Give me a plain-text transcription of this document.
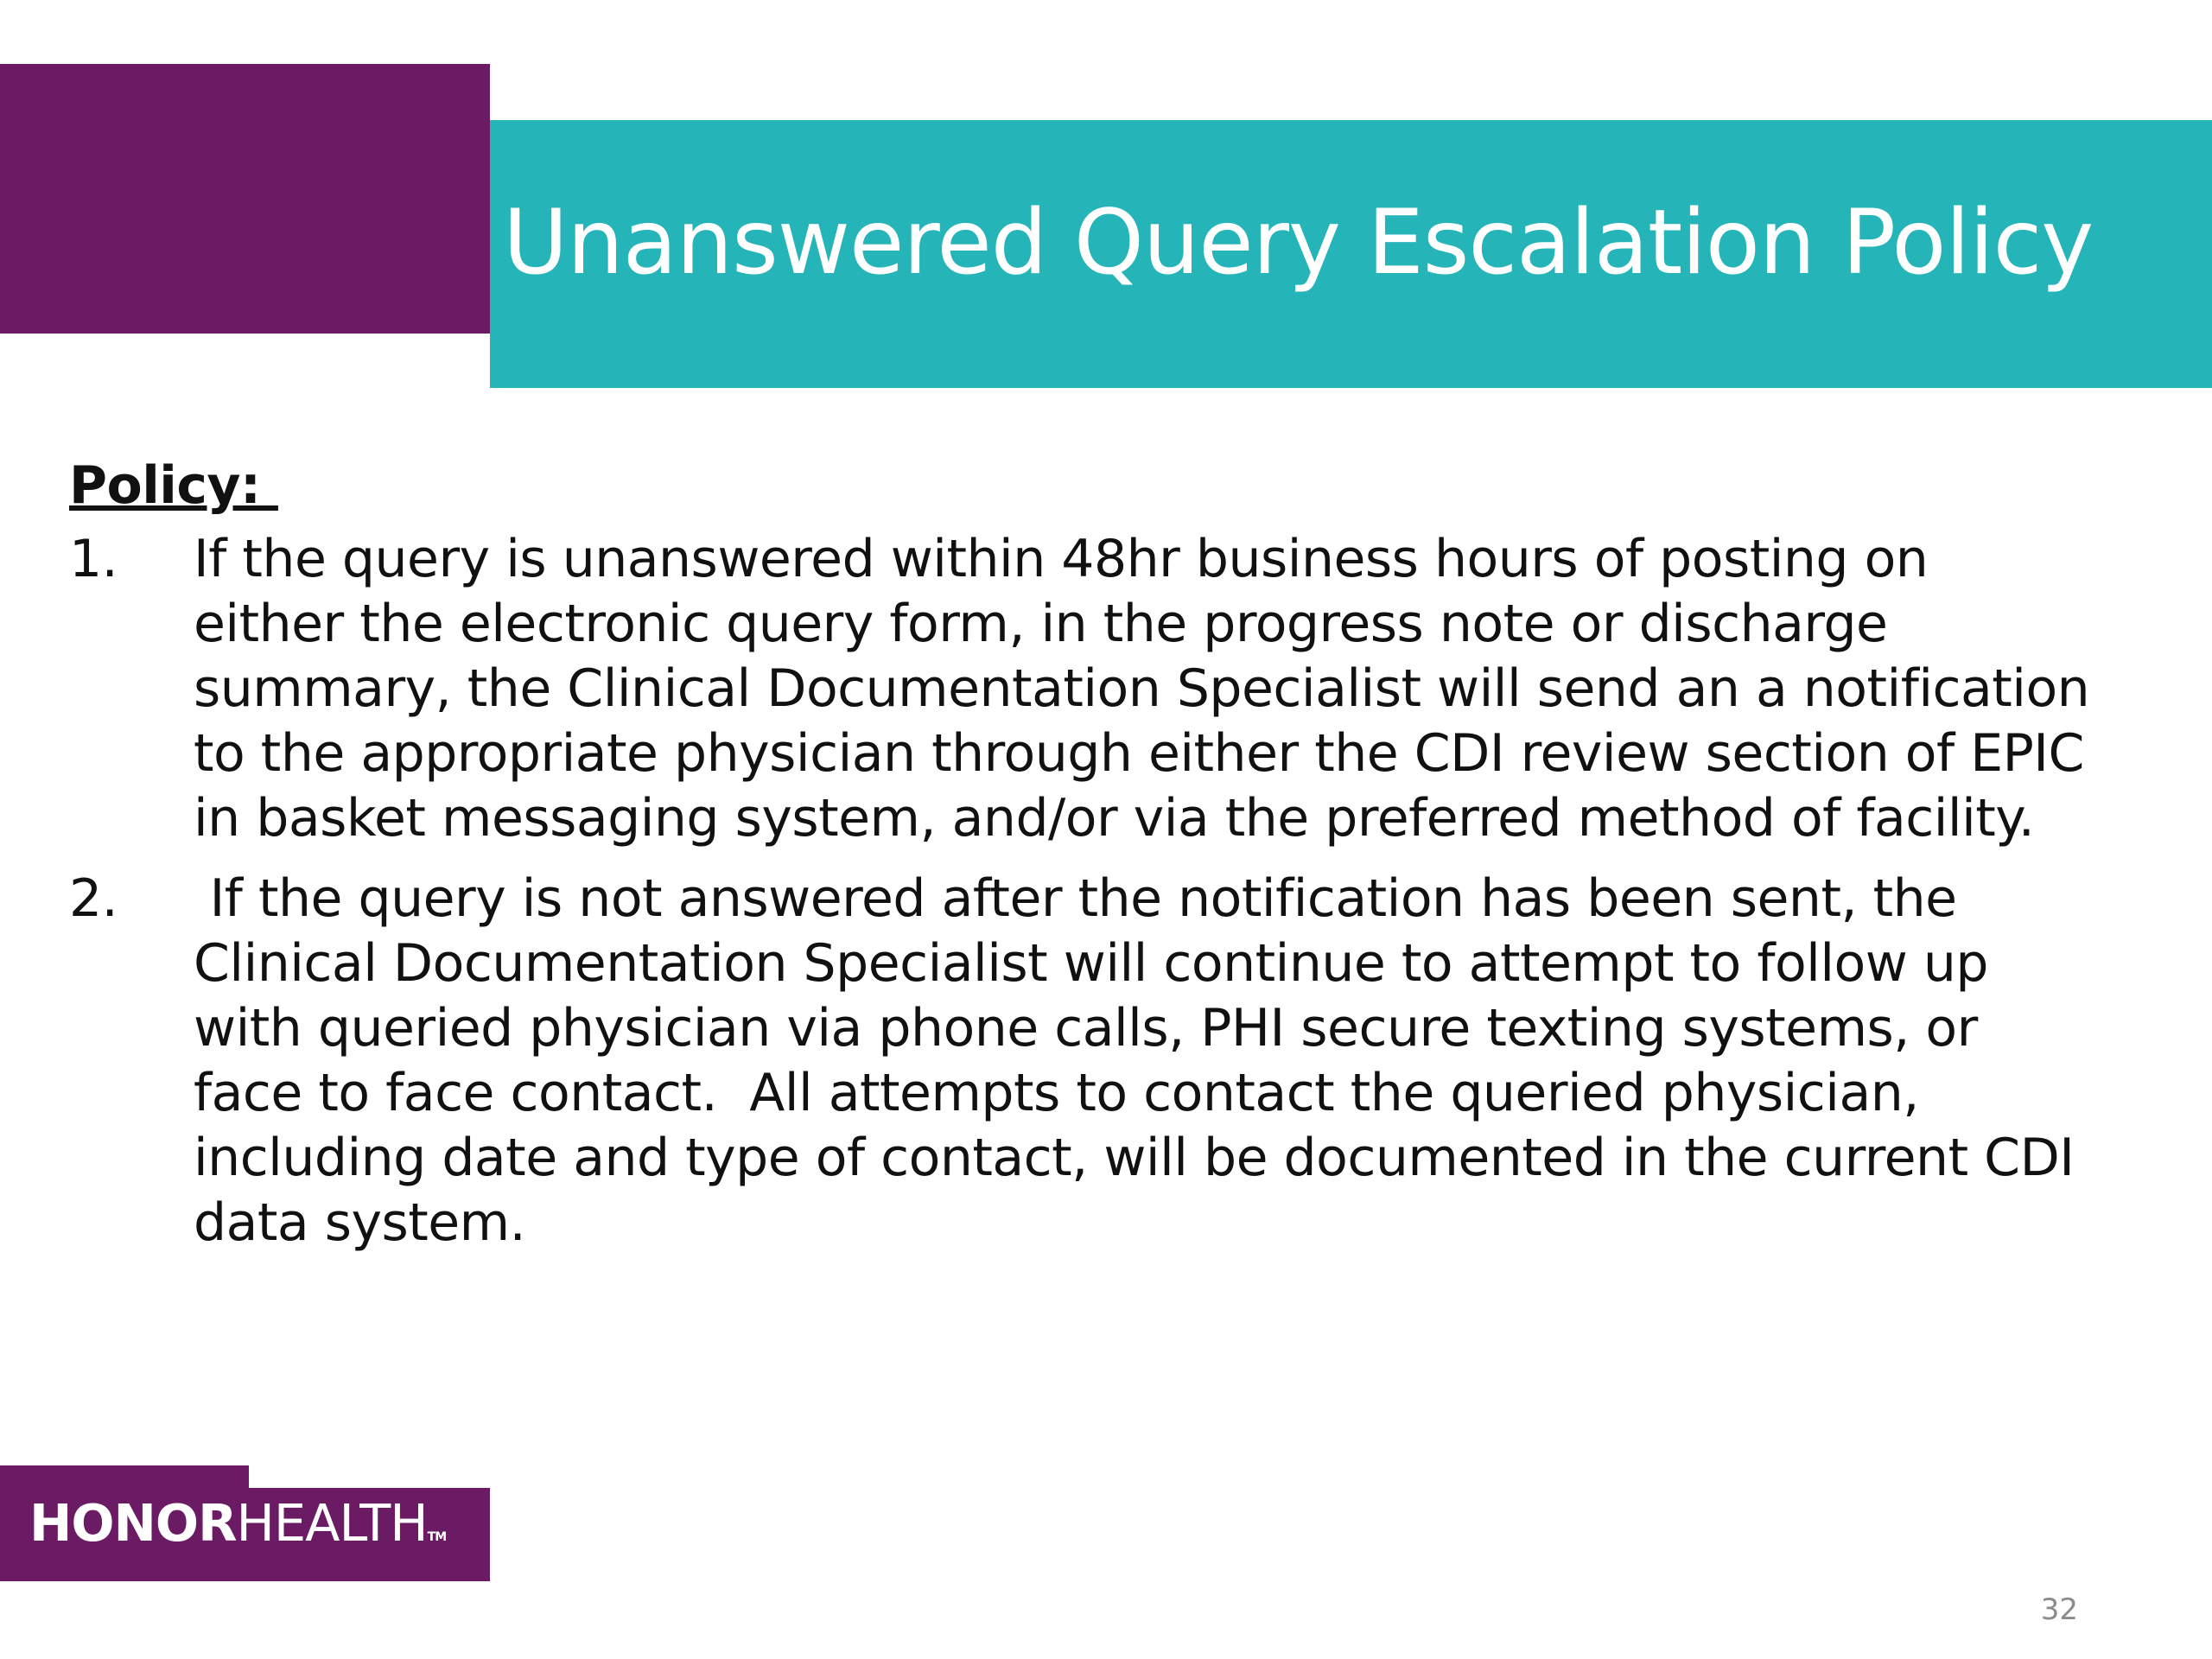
Unanswered Query Escalation Policy

Policy:

1. If the query is unanswered within 48hr business hours of posting on either the electronic query form, in the progress note or discharge summary, the Clinical Documentation Specialist will send an a notification to the appropriate physician through either the CDI review section of EPIC in basket messaging system, and/or via the preferred method of facility.
2. If the query is not answered after the notification has been sent, the Clinical Documentation Specialist will continue to attempt to follow up with queried physician via phone calls, PHI secure texting systems, or face to face contact.  All attempts to contact the queried physician, including date and type of contact, will be documented in the current CDI data system.
HONORHEALTHTM
32
